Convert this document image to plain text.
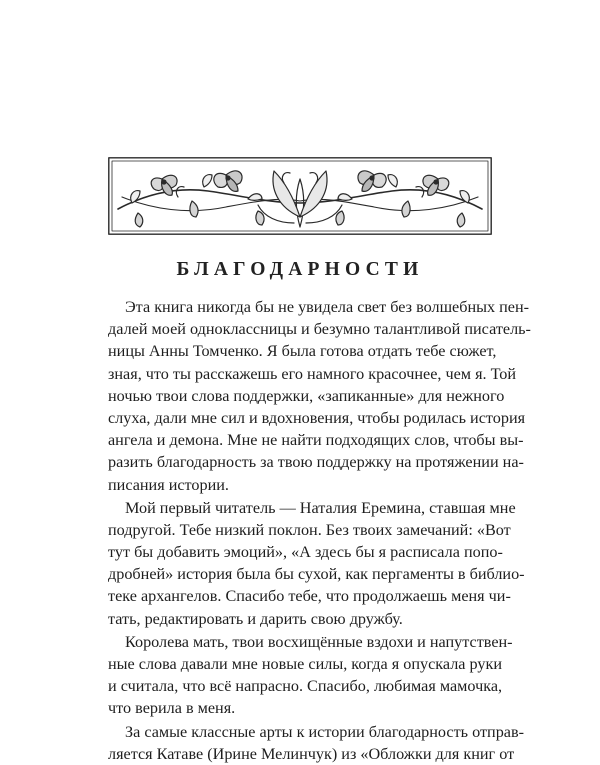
БЛАГОДАРНОСТИ
Эта книга никогда бы не увидела свет без волшебных пен-
далей моей одноклассницы и безумно талантливой писатель-
ницы Анны Томченко. Я была готова отдать тебе сюжет,
зная, что ты расскажешь его намного красочнее, чем я. Той
ночью твои слова поддержки, «запиканные» для нежного
слуха, дали мне сил и вдохновения, чтобы родилась история
ангела и демона. Мне не найти подходящих слов, чтобы вы-
разить благодарность за твою поддержку на протяжении на-
писания истории.
Мой первый читатель — Наталия Еремина, ставшая мне
подругой. Тебе низкий поклон. Без твоих замечаний: «Вот
тут бы добавить эмоций», «А здесь бы я расписала попо-
дробней» история была бы сухой, как пергаменты в библио-
теке архангелов. Спасибо тебе, что продолжаешь меня чи-
тать, редактировать и дарить свою дружбу.
Королева мать, твои восхищённые вздохи и напутствен-
ные слова давали мне новые силы, когда я опускала руки
и считала, что всё напрасно. Спасибо, любимая мамочка,
что верила в меня.
За самые классные арты к истории благодарность отправ-
ляется Катаве (Ирине Мелинчук) из «Обложки для книг от
